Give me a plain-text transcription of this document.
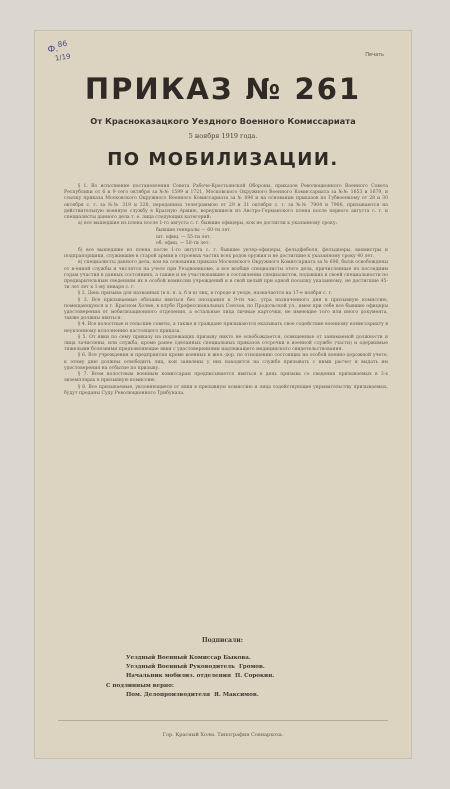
Ф.$^{86}$
1/19	Печать
ПРИКАЗ № 261
От Красноказацкого Уездного Военного Комиссариата
5 ноября 1919 года.
ПО МОБИЛИЗАЦИИ.

§ 1. Во исполнение постановления Совета Рабоче-Крестьянской Обороны, приказов Революционного Военного Совета Республики от 6 и 9 сего октября за №№ 1599 и 1721, Московского Окружного Военного Комиссариата за №№ 1653 и 1679, и ссылку приказа Московского Окружного Военного Комиссариата за № 696 и на основании приказов по Губвоенкому от 28 и 30 октября с. г. за №№ 319 и 320, переданных телеграммою от 29 и 31 октября с. г. за №№ 7904 и 7906, призываются на действительную военную службу в Красную Армию, вернувшиеся из Австро-Германского плена после первого августа с. г. и специалисты данного дела т. е. лица следующих категорий:

а) все вышедшие из плена после 1-го августа с. г. бывшие офицеры, кои не достигли к указанному сроку:

бывшие генералы — 60-ти лет.
шт. офиц. — 55-ти лет.
об. офиц. — 50-ти лет.

б) все вышедшие из плена после 1-го августа с. г. бывшие унтер-офицеры, фельдфебеля, фельдшеры, вахмистры и подпрапорщики, служившие в старой армии в строевых частях всех родов оружия и не достигшие к указанному сроку 40 лет.

в) специалисты данного дела, кои на основании приказа Московского Окружного Комиссариата за № 696, были освобождены от в-енной службы и числятся на учете при Уездвоенкоме, а все вообще специалисты этого дела, причисленные по последним годам участия в данных состояниях, а также и не участвовавшие в составлении специалистов, подавших в своей специальности по предварительным сведениям их в особой комиссии учреждений и в свой целый при одной посылку указанному, не достигшие 45-ти лет лет к 1-му января с. г.

§ 2. День призыва для названных (в п. п. а, б и в) лиц, в городе и уезде, назначается на 17-е ноября с. г.

§ 3. Все призываемые обязаны явиться без опоздания к 9-ти час. утра назначенного дня в призывную комиссию, помещающуюся в г. Красном Холме, в клубе Профессиональных Союзов, по Продольской ул., имея при себе все бывшие офицеры удостоверения от мобилизационного отделения, а остальные лица личные карточки, не имеющие того или иного документа, также должны явиться.

§ 4. Все волостные и сельские советы, а также и граждане призываются оказывать свое содействие военному комиссариату в неуклонному исполнению настоящего приказа.

§ 5. От явки по сему приказу на подлежащих призыву никто не освобождается, освященные от занимаемой должности и лица зачислены, или служба, кроме ранее сделанных специальных приказов отсрочки в военной службе (части) и одержимые тяжелыми болезнями предъявляющие явки с удостоверениями надлежащего медицинского свидетельствования.

§ 6. Все учреждения и предприятия кроме военных и жел.-дор. по отношению состоящих на особой военно-дорожной учете, к этому дню должны освободить лиц, кои заявлены у них находятся на службе призывать с ними расчет и выдать им удостоверения на отбытие по призыву.

§ 7. Всем волостным военным комиссарам предписывается явиться в день призыва со сведения призываемых в 3-х экземплярах в призывную комиссию.

§ 8. Все призываемые, уклоняющиеся от явки в призывную комиссию и лица содействующие укрывательству призываемых, будут преданы Суду Революционного Трибунала.

Подписали:
Уездный Военный Комиссар Быкова.
Уездный Военный Руководитель Громов.
Начальник мобилиз. отделения П. Сорокин.
С подлинным верно:
Пом. Делопроизводителя Я. Максимов.
Гор. Красный Холм. Типография Совнархоза.
